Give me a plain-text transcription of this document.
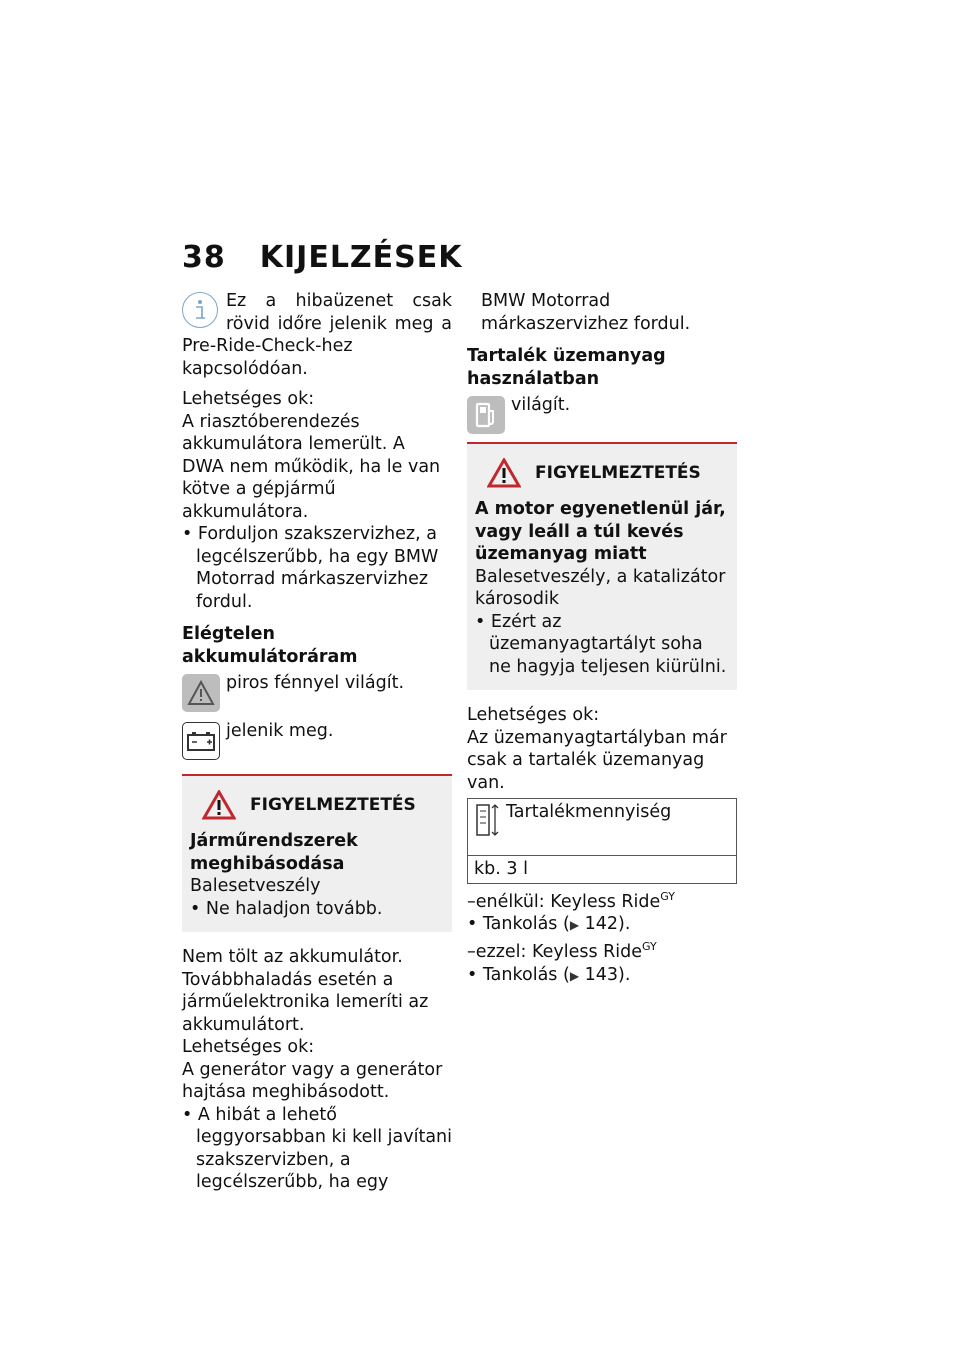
38 KIJELZÉSEK

Ez a hibaüzenet csak rövid időre jelenik meg a Pre-Ride-Check-hez kapcsolódóan.

Lehetséges ok:

A riasztóberendezés akkumulátora lemerült. A DWA nem működik, ha le van kötve a gépjármű akkumulátora.

• Forduljon szakszervizhez, a legcélszerűbb, ha egy BMW Motorrad márkaszervizhez fordul.

Elégtelen akkumulátoráram

piros fénnyel világít.
jelenik meg.
FIGYELMEZTETÉS

Járműrendszerek meghibásodása

Balesetveszély

• Ne haladjon tovább.

Nem tölt az akkumulátor. Továbbhaladás esetén a járműelektronika lemeríti az akkumulátort.

Lehetséges ok:

A generátor vagy a generátor hajtása meghibásodott.

• A hibát a lehető leggyorsabban ki kell javítani szakszervizben, a legcélszerűbb, ha egy

BMW Motorrad márkaszervizhez fordul.

Tartalék üzemanyag használatban

világít.
FIGYELMEZTETÉS

A motor egyenetlenül jár, vagy leáll a túl kevés üzemanyag miatt

Balesetveszély, a katalizátor károsodik

• Ezért az üzemanyagtartályt soha ne hagyja teljesen kiürülni.

Lehetséges ok:

Az üzemanyagtartályban már csak a tartalék üzemanyag van.

Tartalékmennyiség
kb. 3 l

–enélkül: Keyless Ride$^{GY}$

• Tankolás (▶ 142).

–ezzel: Keyless Ride$^{GY}$

• Tankolás (▶ 143).
